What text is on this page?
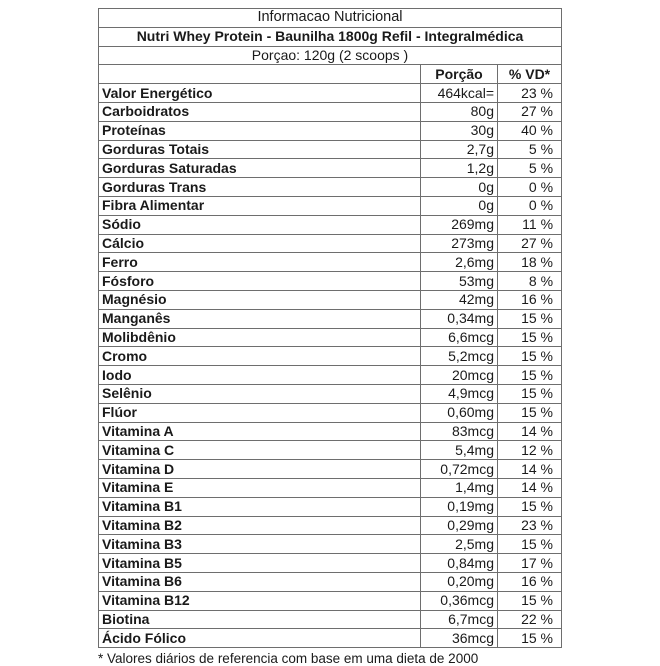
Informacao Nutricional		
Nutri Whey Protein - Baunilha 1800g Refil - Integralmédica		
Porçao: 120g (2 scoops )		
	Porção	% VD*
Valor Energético	464kcal=	23 %
Carboidratos	80g	27 %
Proteínas	30g	40 %
Gorduras Totais	2,7g	5 %
Gorduras Saturadas	1,2g	5 %
Gorduras Trans	0g	0 %
Fibra Alimentar	0g	0 %
Sódio	269mg	11 %
Cálcio	273mg	27 %
Ferro	2,6mg	18 %
Fósforo	53mg	8 %
Magnésio	42mg	16 %
Manganês	0,34mg	15 %
Molibdênio	6,6mcg	15 %
Cromo	5,2mcg	15 %
Iodo	20mcg	15 %
Selênio	4,9mcg	15 %
Flúor	0,60mg	15 %
Vitamina A	83mcg	14 %
Vitamina C	5,4mg	12 %
Vitamina D	0,72mcg	14 %
Vitamina E	1,4mg	14 %
Vitamina B1	0,19mg	15 %
Vitamina B2	0,29mg	23 %
Vitamina B3	2,5mg	15 %
Vitamina B5	0,84mg	17 %
Vitamina B6	0,20mg	16 %
Vitamina B12	0,36mcg	15 %
Biotina	6,7mcg	22 %
Ácido Fólico	36mcg	15 %
* Valores diários de referencia com base em uma dieta de 2000
